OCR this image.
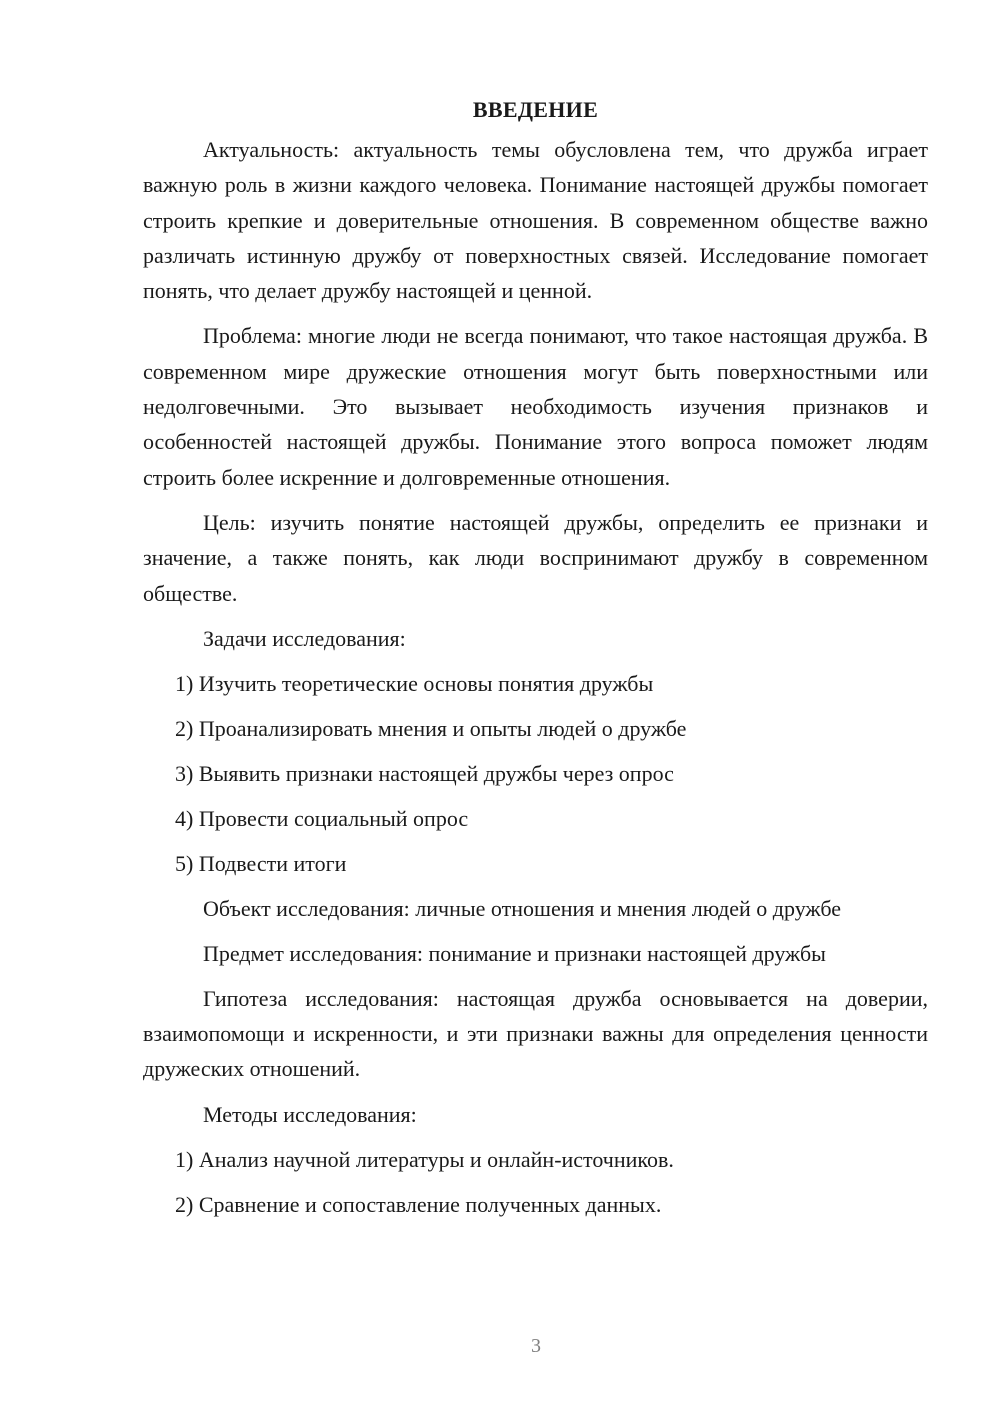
ВВЕДЕНИЕ

Актуальность: актуальность темы обусловлена тем, что дружба играет важную роль в жизни каждого человека. Понимание настоящей дружбы помогает строить крепкие и доверительные отношения. В современном обществе важно различать истинную дружбу от поверхностных связей. Исследование помогает понять, что делает дружбу настоящей и ценной.

Проблема: многие люди не всегда понимают, что такое настоящая дружба. В современном мире дружеские отношения могут быть поверхностными или недолговечными. Это вызывает необходимость изучения признаков и особенностей настоящей дружбы. Понимание этого вопроса поможет людям строить более искренние и долговременные отношения.

Цель: изучить понятие настоящей дружбы, определить ее признаки и значение, а также понять, как люди воспринимают дружбу в современном обществе.

Задачи исследования:
1) Изучить теоретические основы понятия дружбы
2) Проанализировать мнения и опыты людей о дружбе
3) Выявить признаки настоящей дружбы через опрос
4) Провести социальный опрос
5) Подвести итоги
Объект исследования: личные отношения и мнения людей о дружбе
Предмет исследования: понимание и признаки настоящей дружбы

Гипотеза исследования: настоящая дружба основывается на доверии, взаимопомощи и искренности, и эти признаки важны для определения ценности дружеских отношений.

Методы исследования:
1) Анализ научной литературы и онлайн-источников.
2) Сравнение и сопоставление полученных данных.
3
